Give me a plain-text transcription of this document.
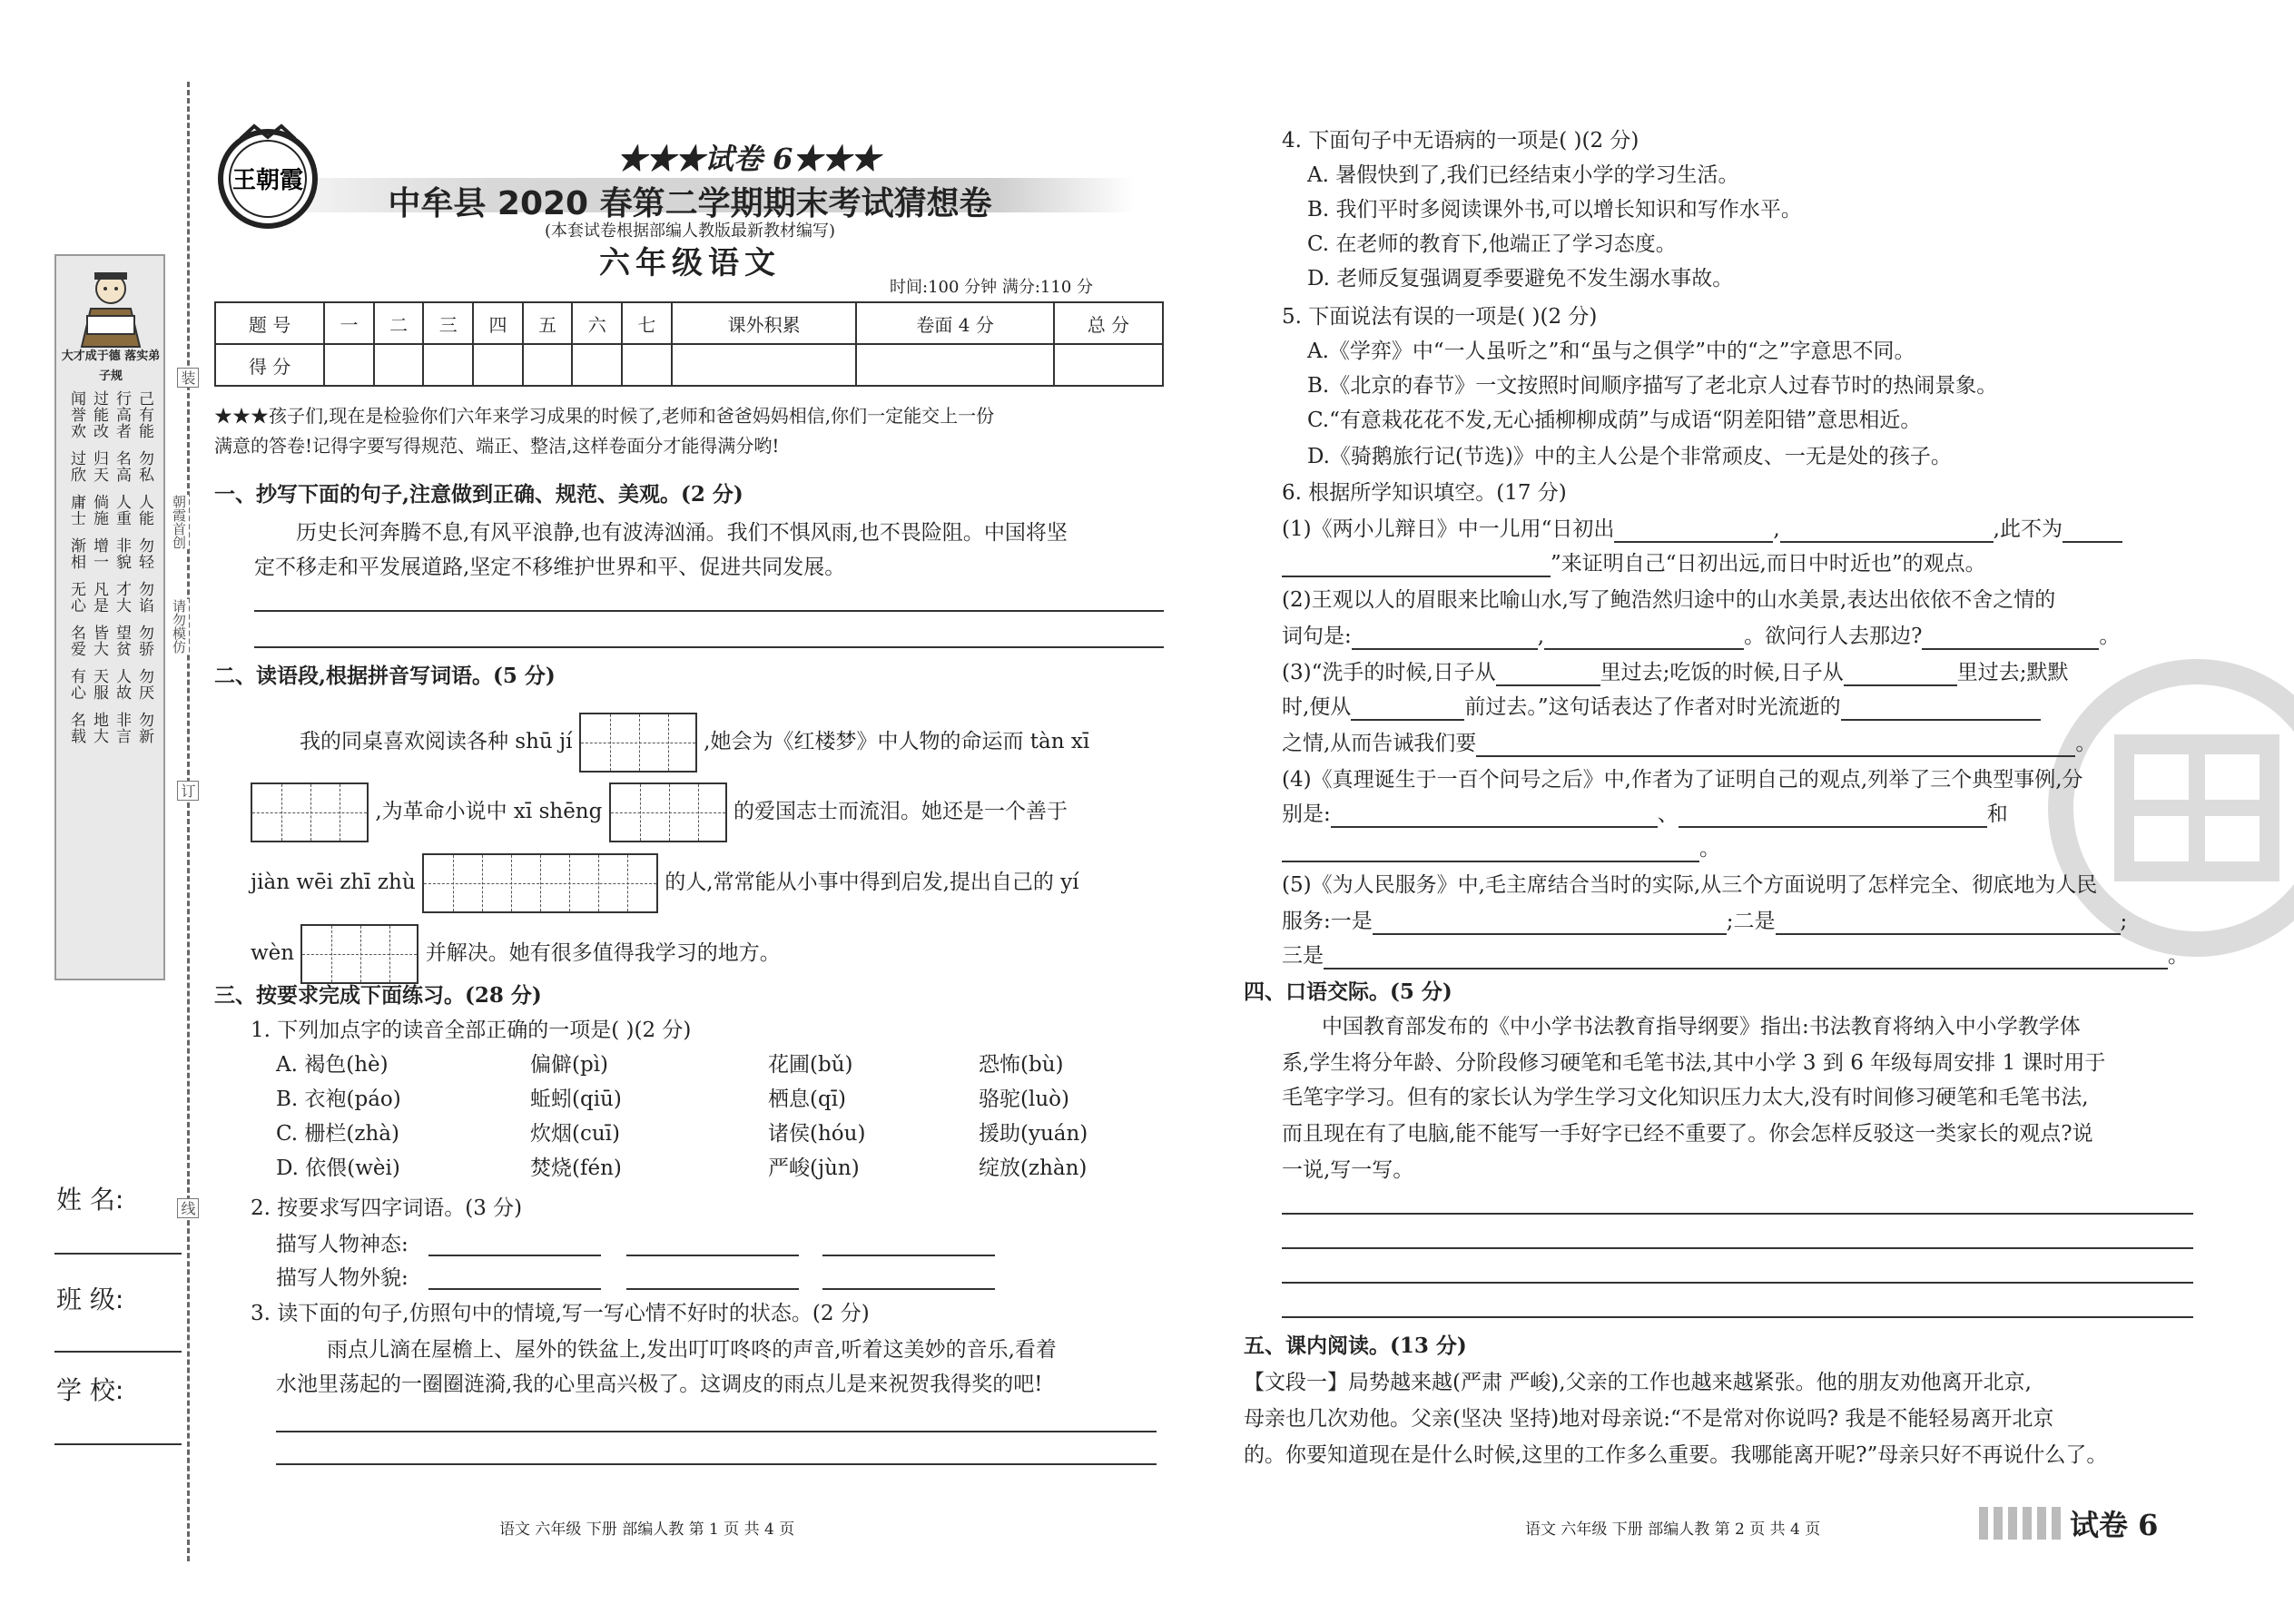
装
订
线
朝霞首创
请勿模仿
大才成于德 落实弟子规
己有能
行高者
过能改
闻誉欢
勿私
名高
归天
过欣
人能
人重
倘施
庸士
勿轻
非貌
增一
渐相
勿谄
才大
凡是
无心
勿骄
望贫
皆大
名爱
勿厌
人故
天服
有心
勿新
非言
地大
名载
姓 名:
班 级:
学 校:
王朝霞
★★★试卷 6★★★
中牟县 2020 春第二学期期末考试猜想卷
(本套试卷根据部编人教版最新教材编写)
六年级语文
时间:100 分钟 满分:110 分
题 号	一	二	三	四	五	六	七	课外积累	卷面 4 分	总 分
得 分										
★★★孩子们,现在是检验你们六年来学习成果的时候了,老师和爸爸妈妈相信,你们一定能交上一份
满意的答卷!记得字要写得规范、端正、整洁,这样卷面分才能得满分哟!
一、抄写下面的句子,注意做到正确、规范、美观。(2 分)
历史长河奔腾不息,有风平浪静,也有波涛汹涌。我们不惧风雨,也不畏险阻。中国将坚
定不移走和平发展道路,坚定不移维护世界和平、促进共同发展。
二、读语段,根据拼音写词语。(5 分)
我的同桌喜欢阅读各种 shū jí	,她会为《红楼梦》中人物的命运而 tàn xī
,为革命小说中 xī shēng	的爱国志士而流泪。她还是一个善于
jiàn wēi zhī zhù	的人,常常能从小事中得到启发,提出自己的 yí
wèn	并解决。她有很多值得我学习的地方。
三、按要求完成下面练习。(28 分)
1. 下列加点字的读音全部正确的一项是( )(2 分)
A. 褐色(hè)	偏僻(pì)	花圃(bǔ)	恐怖(bù)
B. 衣袍(páo)	蚯蚓(qiū)	栖息(qī)	骆驼(luò)
C. 栅栏(zhà)	炊烟(cuī)	诸侯(hóu)	援助(yuán)
D. 依偎(wèi)	焚烧(fén)	严峻(jùn)	绽放(zhàn)
2. 按要求写四字词语。(3 分)
描写人物神态:
描写人物外貌:
3. 读下面的句子,仿照句中的情境,写一写心情不好时的状态。(2 分)
雨点儿滴在屋檐上、屋外的铁盆上,发出叮叮咚咚的声音,听着这美妙的音乐,看着
水池里荡起的一圈圈涟漪,我的心里高兴极了。这调皮的雨点儿是来祝贺我得奖的吧!
4. 下面句子中无语病的一项是( )(2 分)
A. 暑假快到了,我们已经结束小学的学习生活。
B. 我们平时多阅读课外书,可以增长知识和写作水平。
C. 在老师的教育下,他端正了学习态度。
D. 老师反复强调夏季要避免不发生溺水事故。
5. 下面说法有误的一项是( )(2 分)
A.《学弈》中“一人虽听之”和“虽与之俱学”中的“之”字意思不同。
B.《北京的春节》一文按照时间顺序描写了老北京人过春节时的热闹景象。
C.“有意栽花花不发,无心插柳柳成荫”与成语“阴差阳错”意思相近。
D.《骑鹅旅行记(节选)》中的主人公是个非常顽皮、一无是处的孩子。
6. 根据所学知识填空。(17 分)
(1)《两小儿辩日》中一儿用“日初出	,	,此不为
”来证明自己“日初出远,而日中时近也”的观点。
(2)王观以人的眉眼来比喻山水,写了鲍浩然归途中的山水美景,表达出依依不舍之情的
词句是:	,	。欲问行人去那边?	。
(3)“洗手的时候,日子从	里过去;吃饭的时候,日子从	里过去;默默
时,便从	前过去。”这句话表达了作者对时光流逝的
之情,从而告诫我们要	。
(4)《真理诞生于一百个问号之后》中,作者为了证明自己的观点,列举了三个典型事例,分
别是:	、	和
。
(5)《为人民服务》中,毛主席结合当时的实际,从三个方面说明了怎样完全、彻底地为人民
服务:一是	;二是	;
三是	。
四、口语交际。(5 分)
中国教育部发布的《中小学书法教育指导纲要》指出:书法教育将纳入中小学教学体
系,学生将分年龄、分阶段修习硬笔和毛笔书法,其中小学 3 到 6 年级每周安排 1 课时用于
毛笔字学习。但有的家长认为学生学习文化知识压力太大,没有时间修习硬笔和毛笔书法,
而且现在有了电脑,能不能写一手好字已经不重要了。你会怎样反驳这一类家长的观点?说
一说,写一写。
五、课内阅读。(13 分)
【文段一】局势越来越(严肃 严峻),父亲的工作也越来越紧张。他的朋友劝他离开北京,
母亲也几次劝他。父亲(坚决 坚持)地对母亲说:“不是常对你说吗? 我是不能轻易离开北京
的。你要知道现在是什么时候,这里的工作多么重要。我哪能离开呢?”母亲只好不再说什么了。
语文 六年级 下册 部编人教 第 1 页 共 4 页	语文 六年级 下册 部编人教 第 2 页 共 4 页	试卷 6
